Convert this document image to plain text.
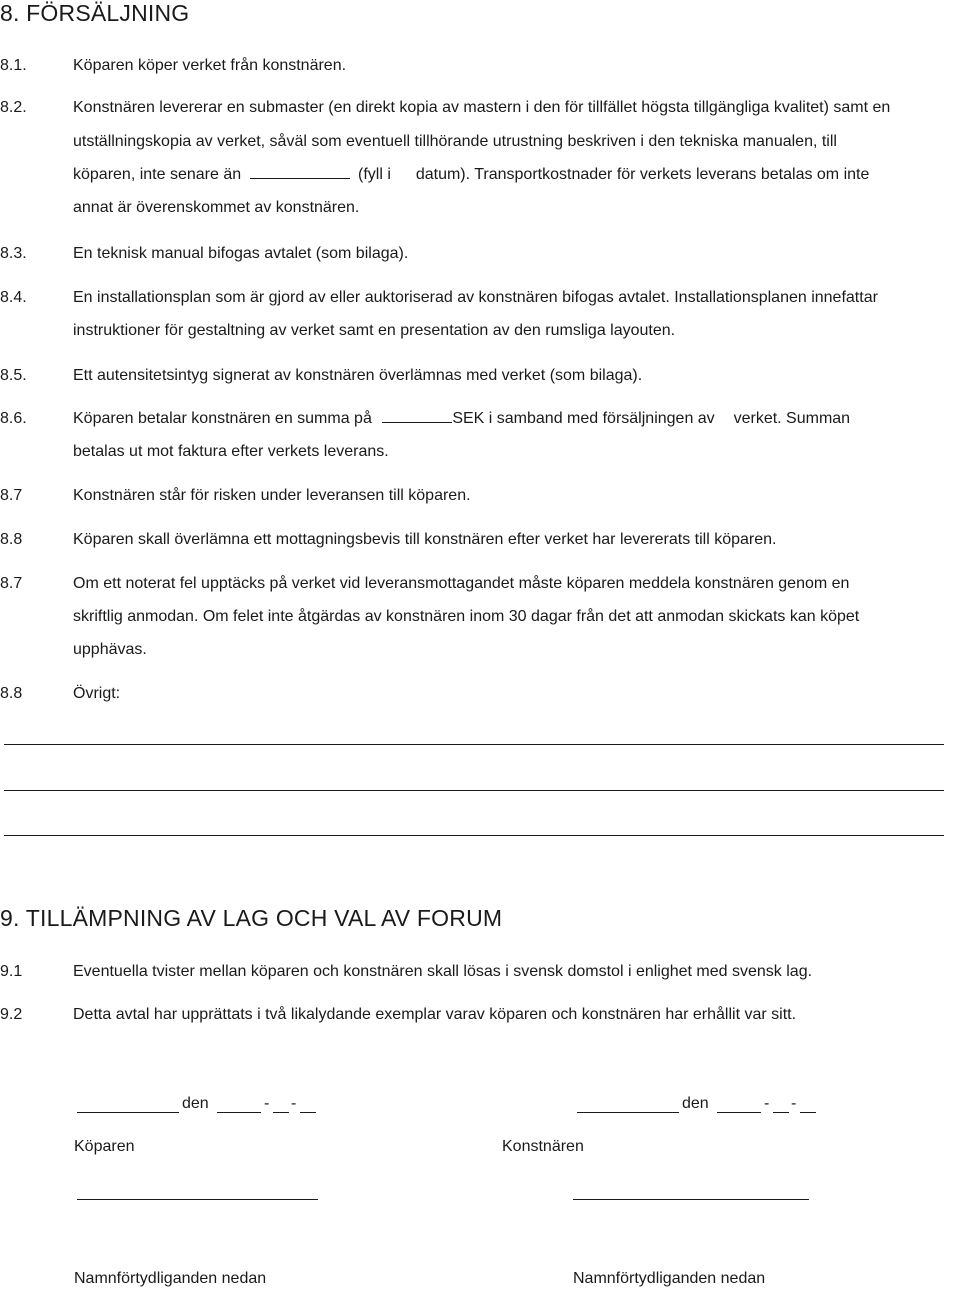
8. FÖRSÄLJNING
8.1.	Köparen köper verket från konstnären.
8.2.	Konstnären levererar en submaster (en direkt kopia av mastern i den för tillfället högsta tillgängliga kvalitet) samt en
utställningskopia av verket, såväl som eventuell tillhörande utrustning beskriven i den tekniska manualen, till
köparen, inte senare än	(fyll i datum). Transportkostnader för verkets leverans betalas om inte
annat är överenskommet av konstnären.
8.3.	En teknisk manual bifogas avtalet (som bilaga).
8.4.	En installationsplan som är gjord av eller auktoriserad av konstnären bifogas avtalet. Installationsplanen innefattar
instruktioner för gestaltning av verket samt en presentation av den rumsliga layouten.
8.5.	Ett autensitetsintyg signerat av konstnären överlämnas med verket (som bilaga).
8.6.	Köparen betalar konstnären en summa på	SEK i samband med försäljningen av verket. Summan
betalas ut mot faktura efter verkets leverans.
8.7	Konstnären står för risken under leveransen till köparen.
8.8	Köparen skall överlämna ett mottagningsbevis till konstnären efter verket har levererats till köparen.
8.7	Om ett noterat fel upptäcks på verket vid leveransmottagandet måste köparen meddela konstnären genom en
skriftlig anmodan. Om felet inte åtgärdas av konstnären inom 30 dagar från det att anmodan skickats kan köpet
upphävas.
8.8	Övrigt:
9. TILLÄMPNING AV LAG OCH VAL AV FORUM
9.1	Eventuella tvister mellan köparen och konstnären skall lösas i svensk domstol i enlighet med svensk lag.
9.2	Detta avtal har upprättats i två likalydande exemplar varav köparen och konstnären har erhållit var sitt.
den	- -
Köparen
Namnförtydliganden nedan
den	- -
Konstnären
Namnförtydliganden nedan
